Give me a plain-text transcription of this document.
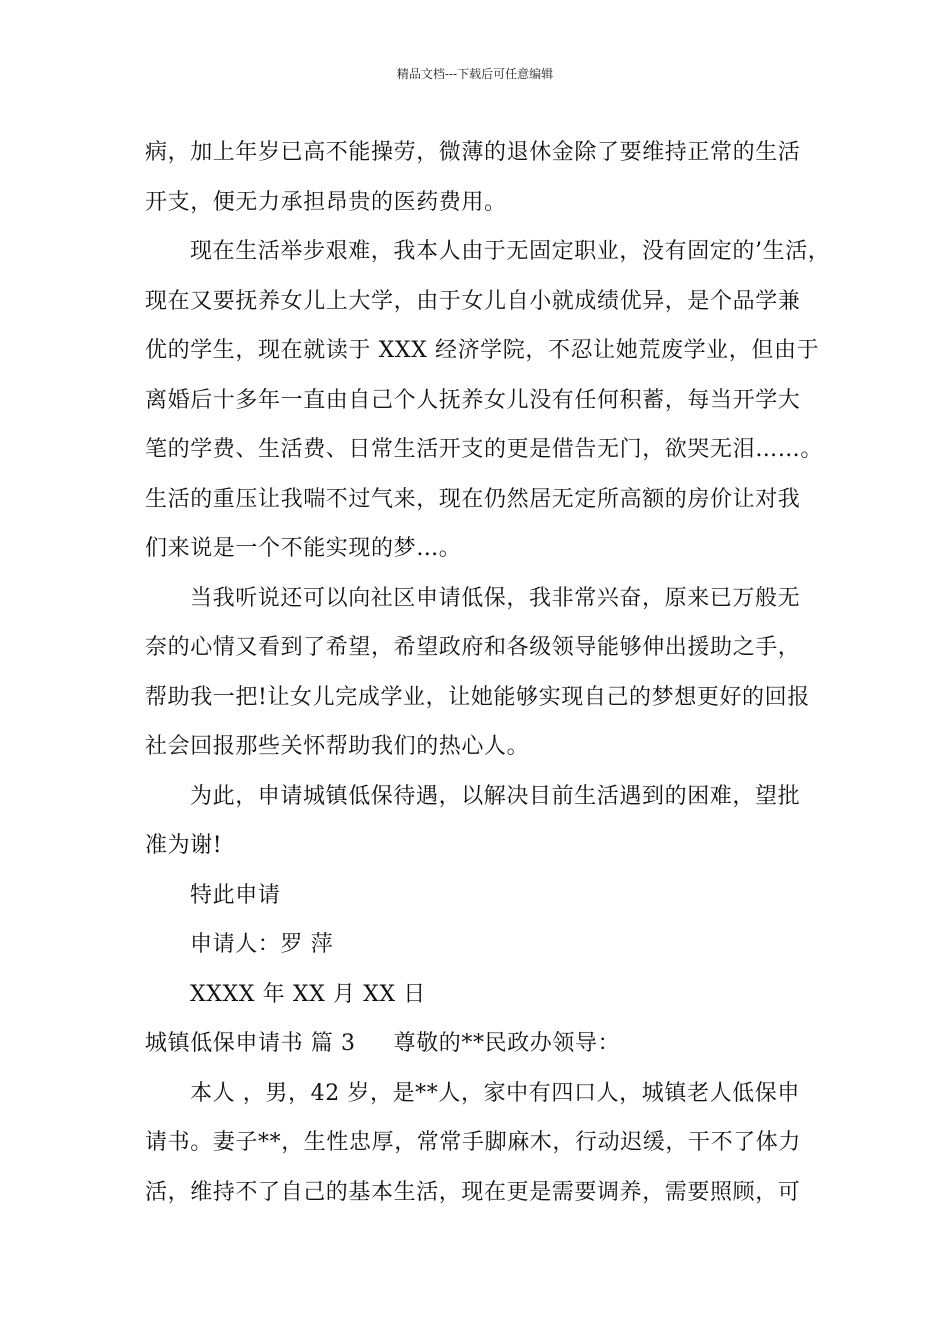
精品文档---下载后可任意编辑
病，加上年岁已高不能操劳，微薄的退休金除了要维持正常的生活
开支，便无力承担昂贵的医药费用。
现在生活举步艰难，我本人由于无固定职业，没有固定的’生活，
现在又要抚养女儿上大学，由于女儿自小就成绩优异，是个品学兼
优的学生，现在就读于 XXX 经济学院，不忍让她荒废学业，但由于
离婚后十多年一直由自己个人抚养女儿没有任何积蓄，每当开学大
笔的学费、生活费、日常生活开支的更是借告无门，欲哭无泪……。
生活的重压让我喘不过气来，现在仍然居无定所高额的房价让对我
们来说是一个不能实现的梦…。
当我听说还可以向社区申请低保，我非常兴奋，原来已万般无
奈的心情又看到了希望，希望政府和各级领导能够伸出援助之手，
帮助我一把!让女儿完成学业，让她能够实现自己的梦想更好的回报
社会回报那些关怀帮助我们的热心人。
为此，申请城镇低保待遇，以解决目前生活遇到的困难，望批
准为谢!
特此申请
申请人：罗 萍
XXXX 年 XX 月 XX 日
城镇低保申请书 篇 3 尊敬的**民政办领导：
本人 ，男，42 岁，是**人，家中有四口人，城镇老人低保申
请书。妻子**，生性忠厚，常常手脚麻木，行动迟缓，干不了体力
活，维持不了自己的基本生活，现在更是需要调养，需要照顾，可
